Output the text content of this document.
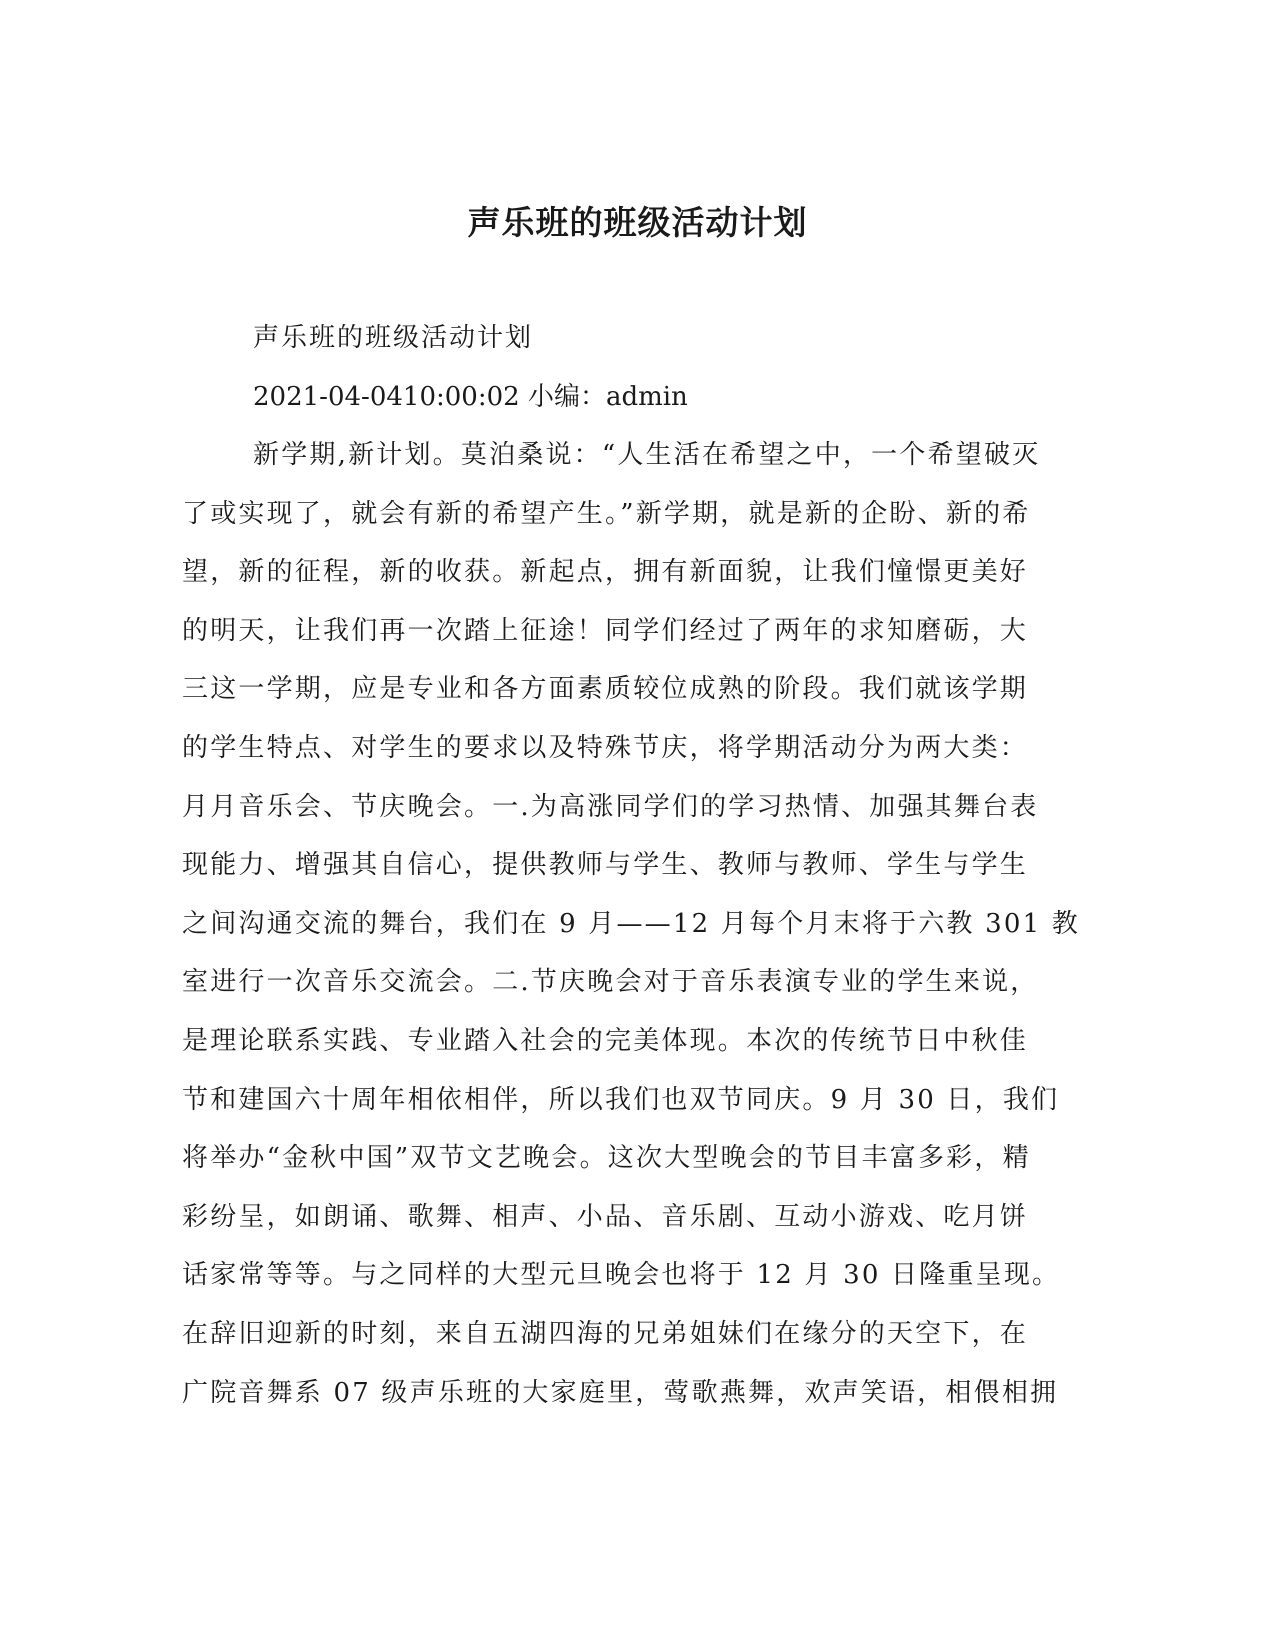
声乐班的班级活动计划

声乐班的班级活动计划

2021-04-0410:00:02 小编：admin

新学期,新计划。莫泊桑说：“人生活在希望之中，一个希望破灭
了或实现了，就会有新的希望产生。”新学期，就是新的企盼、新的希
望，新的征程，新的收获。新起点，拥有新面貌，让我们憧憬更美好
的明天，让我们再一次踏上征途！同学们经过了两年的求知磨砺，大
三这一学期，应是专业和各方面素质较位成熟的阶段。我们就该学期
的学生特点、对学生的要求以及特殊节庆，将学期活动分为两大类：
月月音乐会、节庆晚会。一.为高涨同学们的学习热情、加强其舞台表
现能力、增强其自信心，提供教师与学生、教师与教师、学生与学生
之间沟通交流的舞台，我们在 9 月——12 月每个月末将于六教 301 教
室进行一次音乐交流会。二.节庆晚会对于音乐表演专业的学生来说，
是理论联系实践、专业踏入社会的完美体现。本次的传统节日中秋佳
节和建国六十周年相依相伴，所以我们也双节同庆。9 月 30 日，我们
将举办“金秋中国”双节文艺晚会。这次大型晚会的节目丰富多彩，精
彩纷呈，如朗诵、歌舞、相声、小品、音乐剧、互动小游戏、吃月饼
话家常等等。与之同样的大型元旦晚会也将于 12 月 30 日隆重呈现。
在辞旧迎新的时刻，来自五湖四海的兄弟姐妹们在缘分的天空下，在
广院音舞系 07 级声乐班的大家庭里，莺歌燕舞，欢声笑语，相偎相拥
